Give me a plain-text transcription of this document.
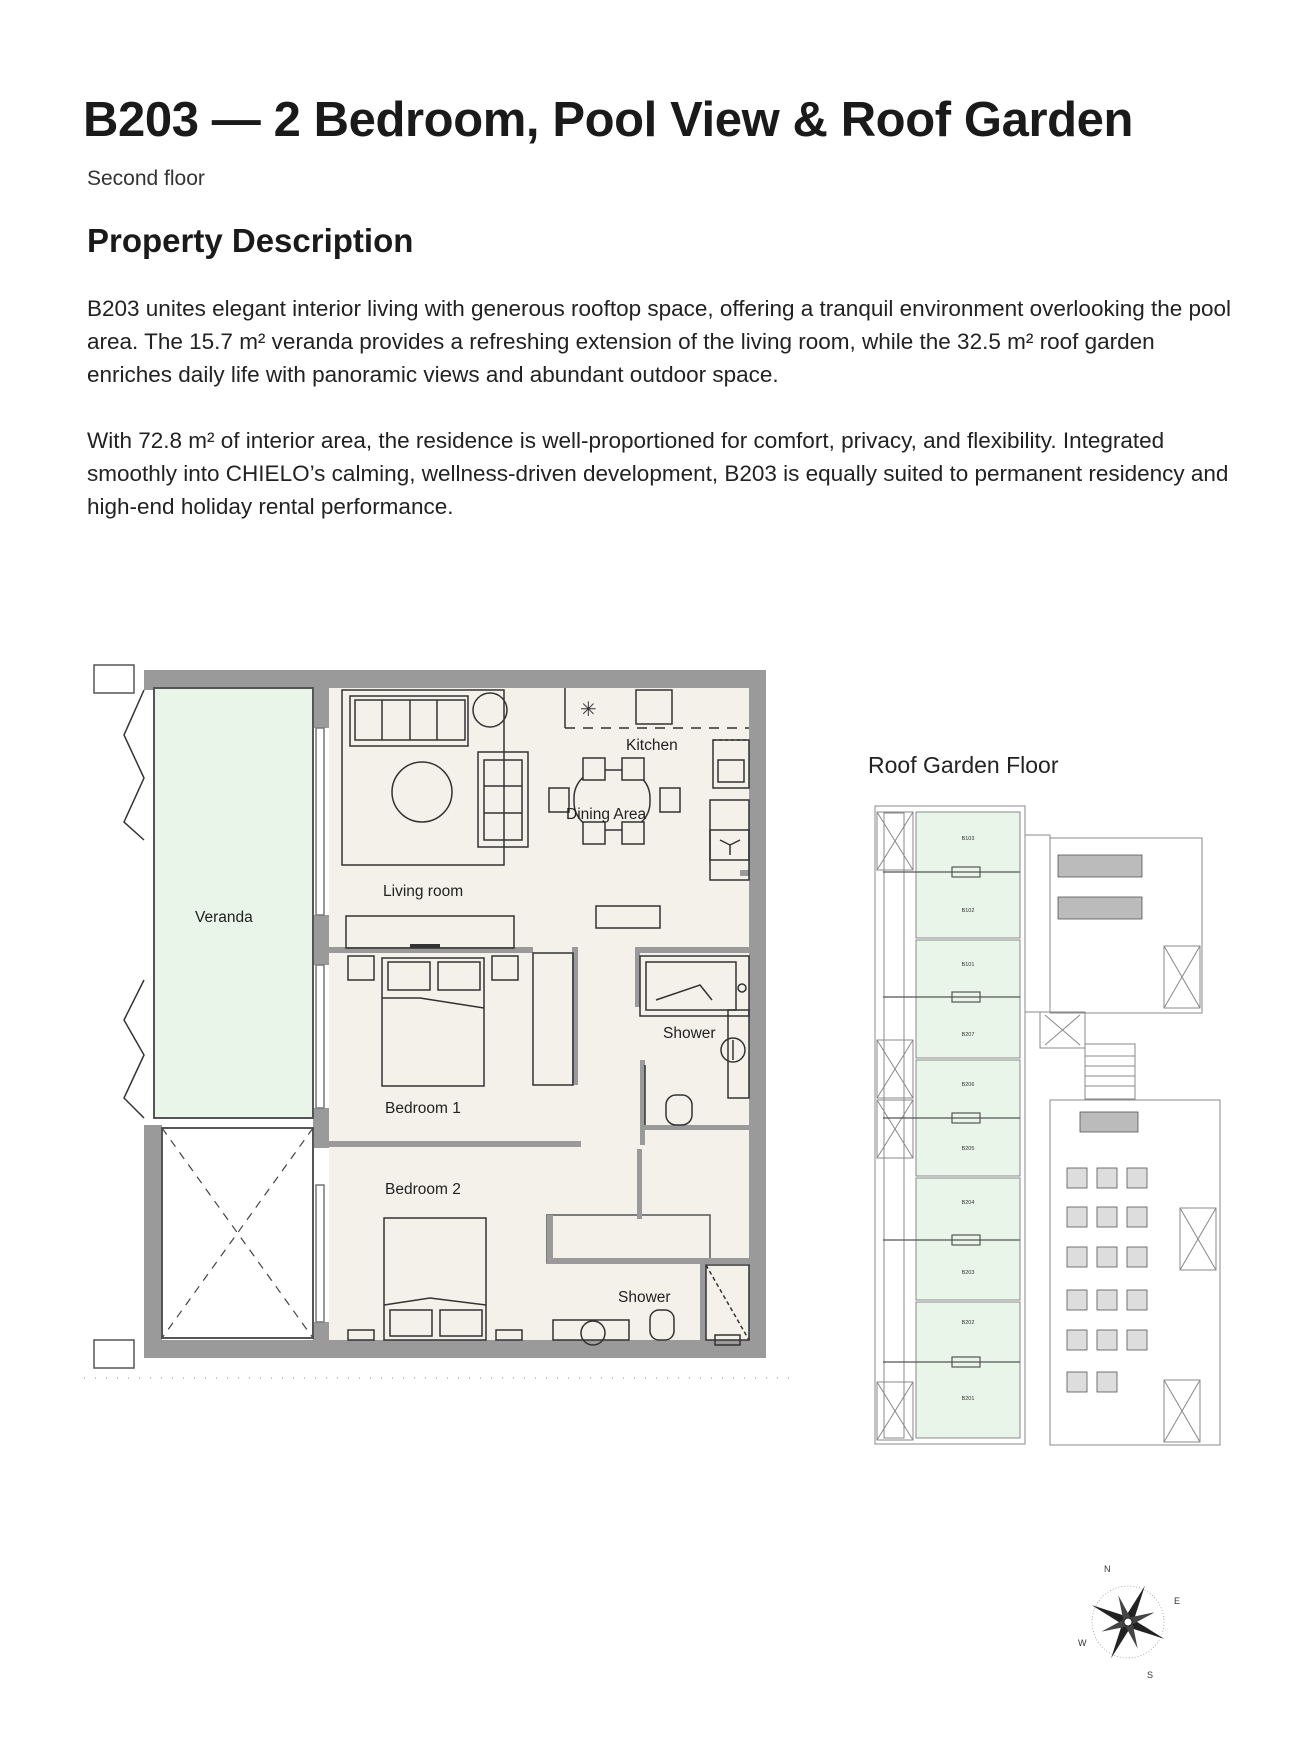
B203 — 2 Bedroom, Pool View & Roof Garden
Second floor
Property Description

B203 unites elegant interior living with generous rooftop space, offering a tranquil environment overlooking the pool area. The 15.7 m² veranda provides a refreshing extension of the living room, while the 32.5 m² roof garden enriches daily life with panoramic views and abundant outdoor space.

With 72.8 m² of interior area, the residence is well-proportioned for comfort, privacy, and flexibility. Integrated smoothly into CHIELO’s calming, wellness-driven development, B203 is equally suited to permanent residency and high-end holiday rental performance.

✳
Veranda
Kitchen
Dining Area
Living room
Shower
Bedroom 1
Bedroom 2
Shower
Roof Garden Floor
B103
B102
B101
B207
B206
B205
B204
B203
B202
B201
N
E
S
W
